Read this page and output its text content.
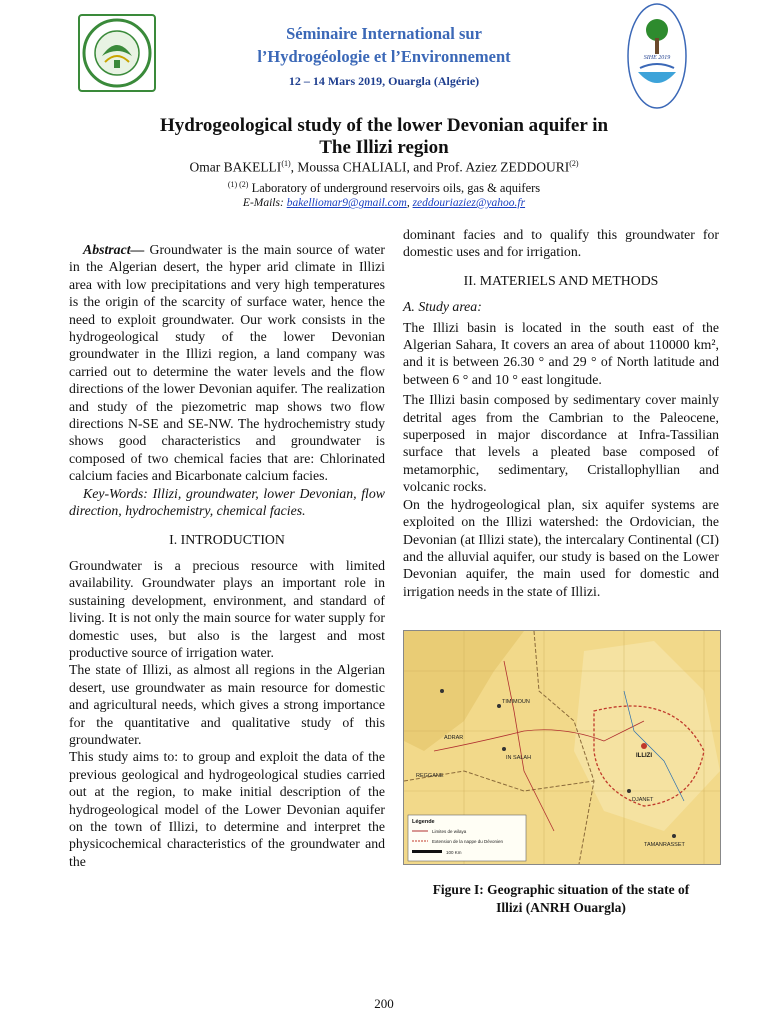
SIHE 2019
Séminaire International sur
l’Hydrogéologie et l’Environnement
12 – 14 Mars 2019, Ouargla (Algérie)
Hydrogeological study of the lower Devonian aquifer in
The Illizi region
Omar BAKELLI$^{(1)}$, Moussa CHALIALI, and Prof. Aziez ZEDDOURI$^{(2)}$
$^{(1) (2)}$ Laboratory of underground reservoirs oils, gas & aquifers
E-Mails: bakelliomar9@gmail.com, zeddouriaziez@yahoo.fr

Abstract— Groundwater is the main source of water in the Algerian desert, the hyper arid climate in Illizi area with low precipitations and very high temperatures is the origin of the scarcity of surface water, hence the need to exploit groundwater. Our work consists in the hydrogeological study of the lower Devonian groundwater in the Illizi region, a land company was carried out to determine the water levels and the flow directions of the lower Devonian aquifer. The realization and study of the piezometric map shows two flow directions N-SE and SE-NW. The hydrochemistry study shows good characteristics and groundwater is composed of two chemical facies that are: Chlorinated calcium facies and Bicarbonate calcium facies.

Key-Words: Illizi, groundwater, lower Devonian, flow direction, hydrochemistry, chemical facies.

I. INTRODUCTION

Groundwater is a precious resource with limited availability. Groundwater plays an important role in sustaining development, environment, and standard of living. It is not only the main source for water supply for domestic uses, but also is the largest and most productive source of irrigation water.

The state of Illizi, as almost all regions in the Algerian desert, use groundwater as main resource for domestic and agricultural needs, which gives a strong importance for the quantitative and qualitative study of this groundwater.

This study aims to: to group and exploit the data of the previous geological and hydrogeological studies carried out at the region, to make initial description of the hydrogeological model of the Lower Devonian aquifer on the town of Illizi, to determine and interpret the physicochemical characteristics of the groundwater and the

dominant facies and to qualify this groundwater for domestic uses and for irrigation.

II. MATERIELS AND METHODS

A. Study area:

The Illizi basin is located in the south east of the Algerian Sahara, It covers an area of about 110000 km², and it is between 26.30 ° and 29 ° of North latitude and between 6 ° and 10 ° east longitude.

The Illizi basin composed by sedimentary cover mainly detrital ages from the Cambrian to the Paleocene, superposed in major discordance at Infra-Tassilian surface that levels a pleated base composed of metamorphic, sedimentary, Cristallophyllian and volcanic rocks.

On the hydrogeological plan, six aquifer systems are exploited on the Illizi watershed: the Ordovician, the Devonian (at Illizi state), the intercalary Continental (CI) and the alluvial aquifer, our study is based on the Lower Devonian aquifer, the main used for domestic and irrigation needs in the state of Illizi.

TIMIMOUN
ADRAR
IN SALAH
REGGANE
ILLIZI
DJANET
TAMANRASSET
Légende
Limites de wilaya
Extension de la nappe du Dévonien
100 Km
Figure I: Geographic situation of the state of
Illizi (ANRH Ouargla)
200
